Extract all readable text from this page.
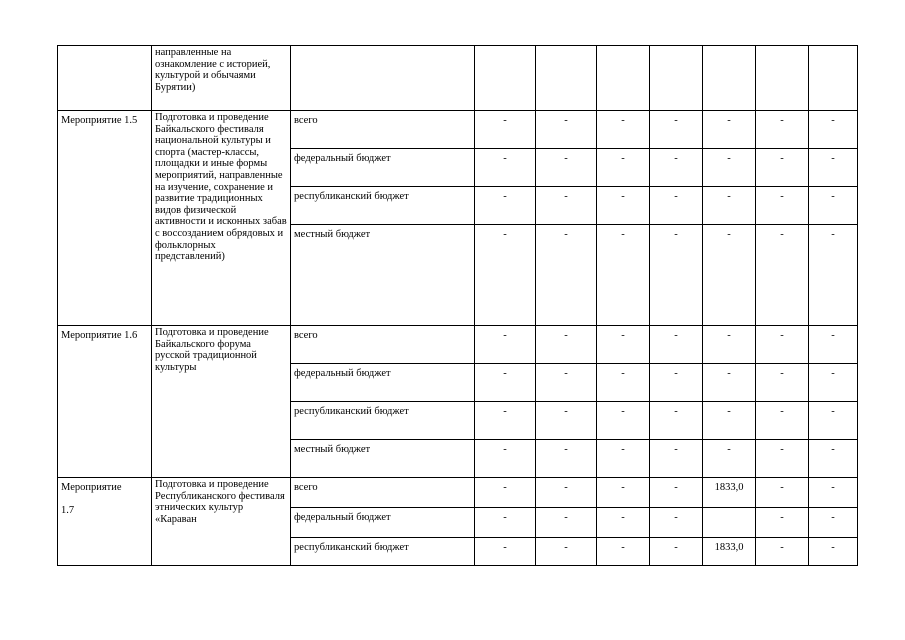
	направленные на ознакомление с историей, культурой и обычаями Бурятии)								
Мероприятие 1.5	Подготовка и проведение Байкальского фестиваля национальной культуры и спорта (мастер-классы, площадки и иные формы мероприятий, направленные на изучение, сохранение и развитие традиционных видов физической активности и исконных забав с воссозданием обрядовых и фольклорных представлений)	всего	-	-	-	-	-	-	-
		федеральный бюджет	-	-	-	-	-	-	-
		республиканский бюджет	-	-	-	-	-	-	-
		местный бюджет	-	-	-	-	-	-	-
Мероприятие 1.6	Подготовка и проведение Байкальского форума русской традиционной культуры	всего	-	-	-	-	-	-	-
		федеральный бюджет	-	-	-	-	-	-	-
		республиканский бюджет	-	-	-	-	-	-	-
		местный бюджет	-	-	-	-	-	-	-

Мероприятие
1.7	Подготовка и проведение Республиканского фестиваля этнических культур «Караван	всего	-	-	-	-	1833,0	-	-
		федеральный бюджет	-	-	-	-		-	-
		республиканский бюджет	-	-	-	-	1833,0	-	-
